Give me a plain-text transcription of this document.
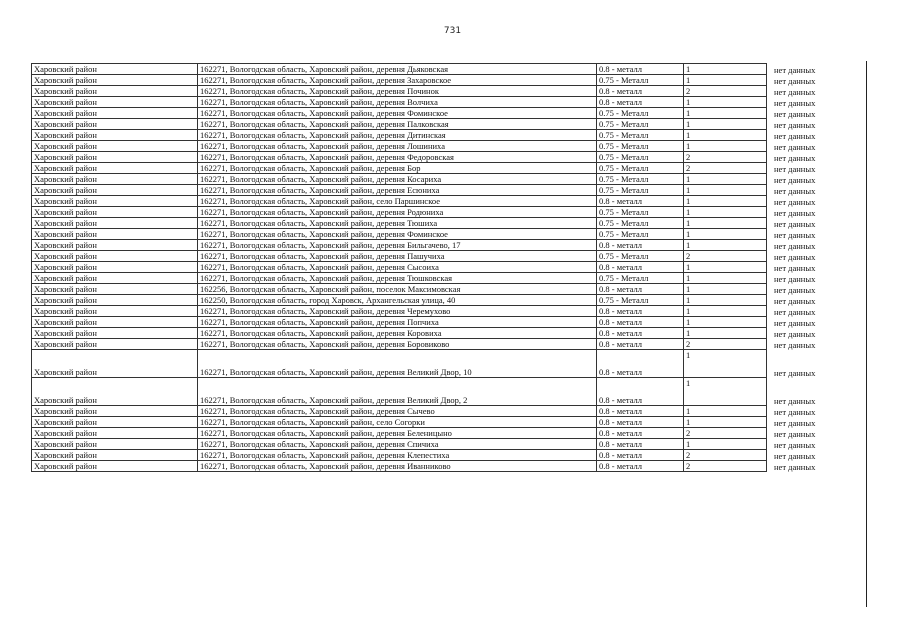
731
Харовский район	162271, Вологодская область, Харовский район, деревня Дьяковская	0.8 - металл	1	нет данных
Харовский район	162271, Вологодская область, Харовский район, деревня Захаровское	0.75 - Металл	1	нет данных
Харовский район	162271, Вологодская область, Харовский район, деревня Починок	0.8 - металл	2	нет данных
Харовский район	162271, Вологодская область, Харовский район, деревня Волчиха	0.8 - металл	1	нет данных
Харовский район	162271, Вологодская область, Харовский район, деревня Фоминское	0.75 - Металл	1	нет данных
Харовский район	162271, Вологодская область, Харовский район, деревня Палковская	0.75 - Металл	1	нет данных
Харовский район	162271, Вологодская область, Харовский район, деревня Дитинская	0.75 - Металл	1	нет данных
Харовский район	162271, Вологодская область, Харовский район, деревня Лошиниха	0.75 - Металл	1	нет данных
Харовский район	162271, Вологодская область, Харовский район, деревня Федоровская	0.75 - Металл	2	нет данных
Харовский район	162271, Вологодская область, Харовский район, деревня Бор	0.75 - Металл	2	нет данных
Харовский район	162271, Вологодская область, Харовский район, деревня Косариха	0.75 - Металл	1	нет данных
Харовский район	162271, Вологодская область, Харовский район, деревня Есюниха	0.75 - Металл	1	нет данных
Харовский район	162271, Вологодская область, Харовский район, село Паршинское	0.8 - металл	1	нет данных
Харовский район	162271, Вологодская область, Харовский район, деревня Родюниха	0.75 - Металл	1	нет данных
Харовский район	162271, Вологодская область, Харовский район, деревня Тюшиха	0.75 - Металл	1	нет данных
Харовский район	162271, Вологодская область, Харовский район, деревня Фоминское	0.75 - Металл	1	нет данных
Харовский район	162271, Вологодская область, Харовский район, деревня Бильгачево, 17	0.8 - металл	1	нет данных
Харовский район	162271, Вологодская область, Харовский район, деревня Пашучиха	0.75 - Металл	2	нет данных
Харовский район	162271, Вологодская область, Харовский район, деревня Сысоиха	0.8 - металл	1	нет данных
Харовский район	162271, Вологодская область, Харовский район, деревня Тюшковская	0.75 - Металл	1	нет данных
Харовский район	162256, Вологодская область, Харовский район, поселок Максимовская	0.8 - металл	1	нет данных
Харовский район	162250, Вологодская область, город Харовск, Архангельская улица, 40	0.75 - Металл	1	нет данных
Харовский район	162271, Вологодская область, Харовский район, деревня Черемухово	0.8 - металл	1	нет данных
Харовский район	162271, Вологодская область, Харовский район, деревня Попчиха	0.8 - металл	1	нет данных
Харовский район	162271, Вологодская область, Харовский район, деревня Коровиха	0.8 - металл	1	нет данных
Харовский район	162271, Вологодская область, Харовский район, деревня Боровиково	0.8 - металл	2	нет данных
Харовский район	162271, Вологодская область, Харовский район, деревня Великий Двор, 10	0.8 - металл	1	нет данных
Харовский район	162271, Вологодская область, Харовский район, деревня Великий Двор, 2	0.8 - металл	1	нет данных
Харовский район	162271, Вологодская область, Харовский район, деревня Сычево	0.8 - металл	1	нет данных
Харовский район	162271, Вологодская область, Харовский район, село Согорки	0.8 - металл	1	нет данных
Харовский район	162271, Вологодская область, Харовский район, деревня Беленицыно	0.8 - металл	2	нет данных
Харовский район	162271, Вологодская область, Харовский район, деревня Спичиха	0.8 - металл	1	нет данных
Харовский район	162271, Вологодская область, Харовский район, деревня Клепестиха	0.8 - металл	2	нет данных
Харовский район	162271, Вологодская область, Харовский район, деревня Иванниково	0.8 - металл	2	нет данных
